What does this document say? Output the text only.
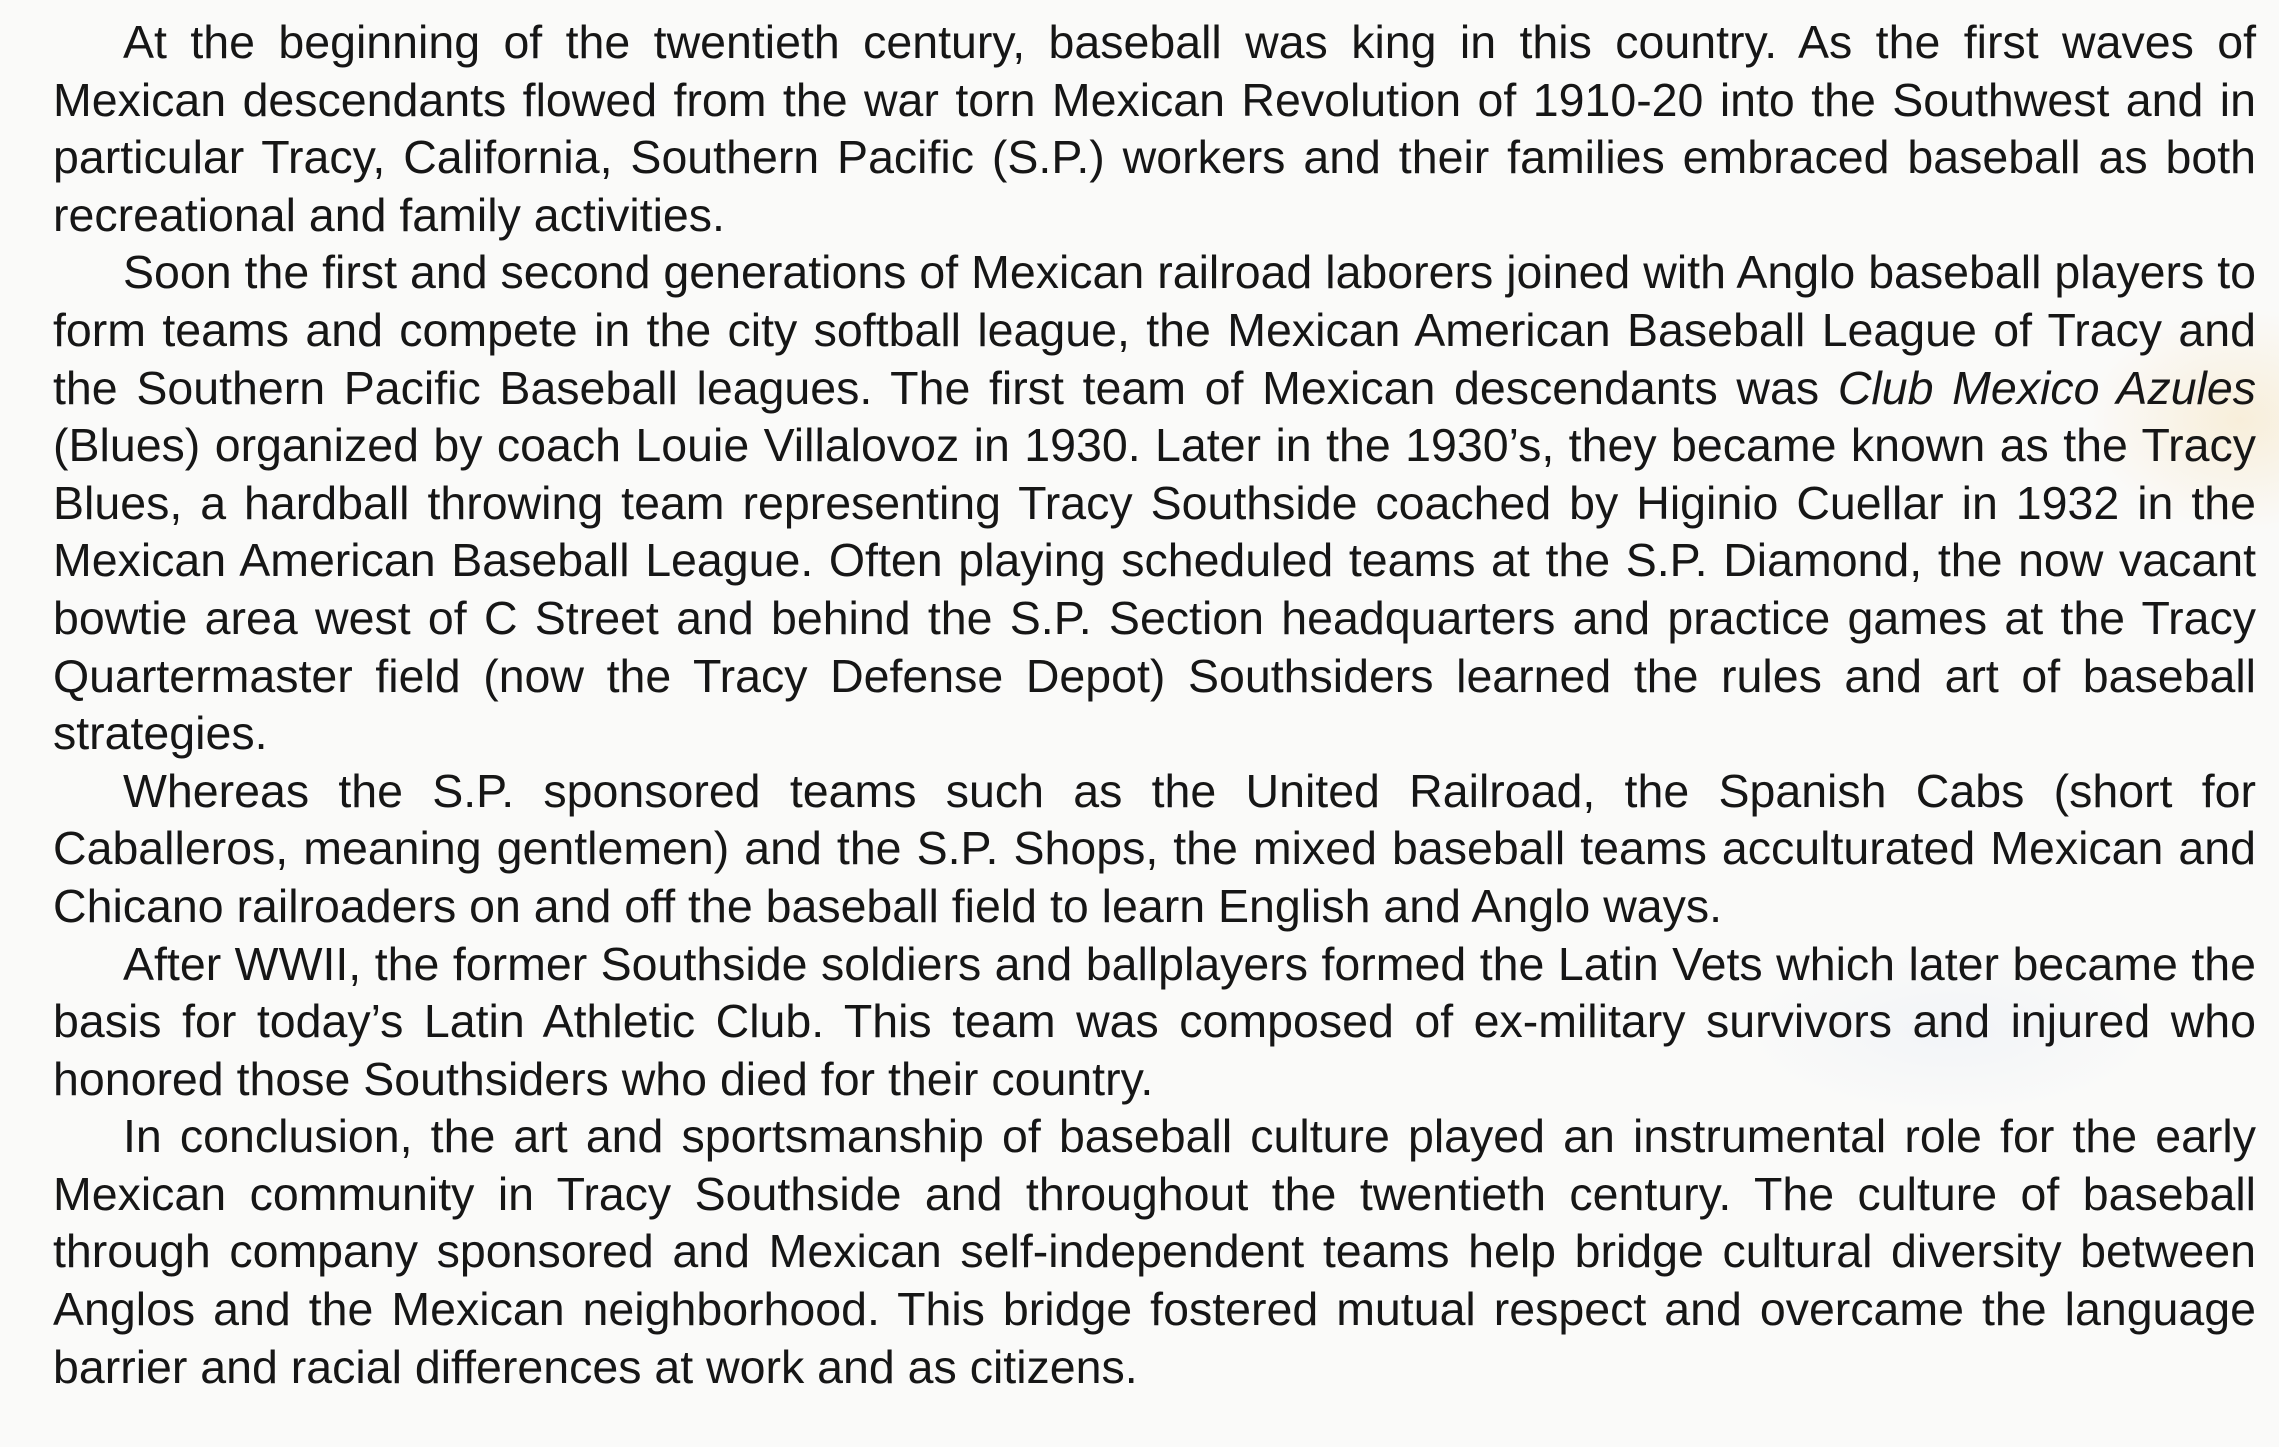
At the beginning of the twentieth century, baseball was king in this country. As the first waves of Mexican descendants flowed from the war torn Mexican Revolution of 1910-20 into the Southwest and in particular Tracy, California, Southern Pacific (S.P.) workers and their families embraced baseball as both recreational and family activities.

Soon the first and second generations of Mexican railroad laborers joined with Anglo baseball players to form teams and compete in the city softball league, the Mexican American Baseball League of Tracy and the Southern Pacific Baseball leagues. The first team of Mexican descendants was Club Mexico Azules (Blues) organized by coach Louie Villalovoz in 1930. Later in the 1930’s, they became known as the Tracy Blues, a hardball throwing team representing Tracy Southside coached by Higinio Cuellar in 1932 in the Mexican American Baseball League. Often playing scheduled teams at the S.P. Diamond, the now vacant bowtie area west of C Street and behind the S.P. Section headquarters and practice games at the Tracy Quartermaster field (now the Tracy Defense Depot) Southsiders learned the rules and art of baseball strategies.

Whereas the S.P. sponsored teams such as the United Railroad, the Spanish Cabs (short for Caballeros, meaning gentlemen) and the S.P. Shops, the mixed baseball teams acculturated Mexican and Chicano railroaders on and off the baseball field to learn English and Anglo ways.

After WWII, the former Southside soldiers and ballplayers formed the Latin Vets which later became the basis for today’s Latin Athletic Club. This team was composed of ex-military survivors and injured who honored those Southsiders who died for their country.

In conclusion, the art and sportsmanship of baseball culture played an instrumental role for the early Mexican community in Tracy Southside and throughout the twentieth century. The culture of baseball through company sponsored and Mexican self-independent teams help bridge cultural diversity between Anglos and the Mexican neighborhood. This bridge fostered mutual respect and overcame the language barrier and racial differences at work and as citizens.
